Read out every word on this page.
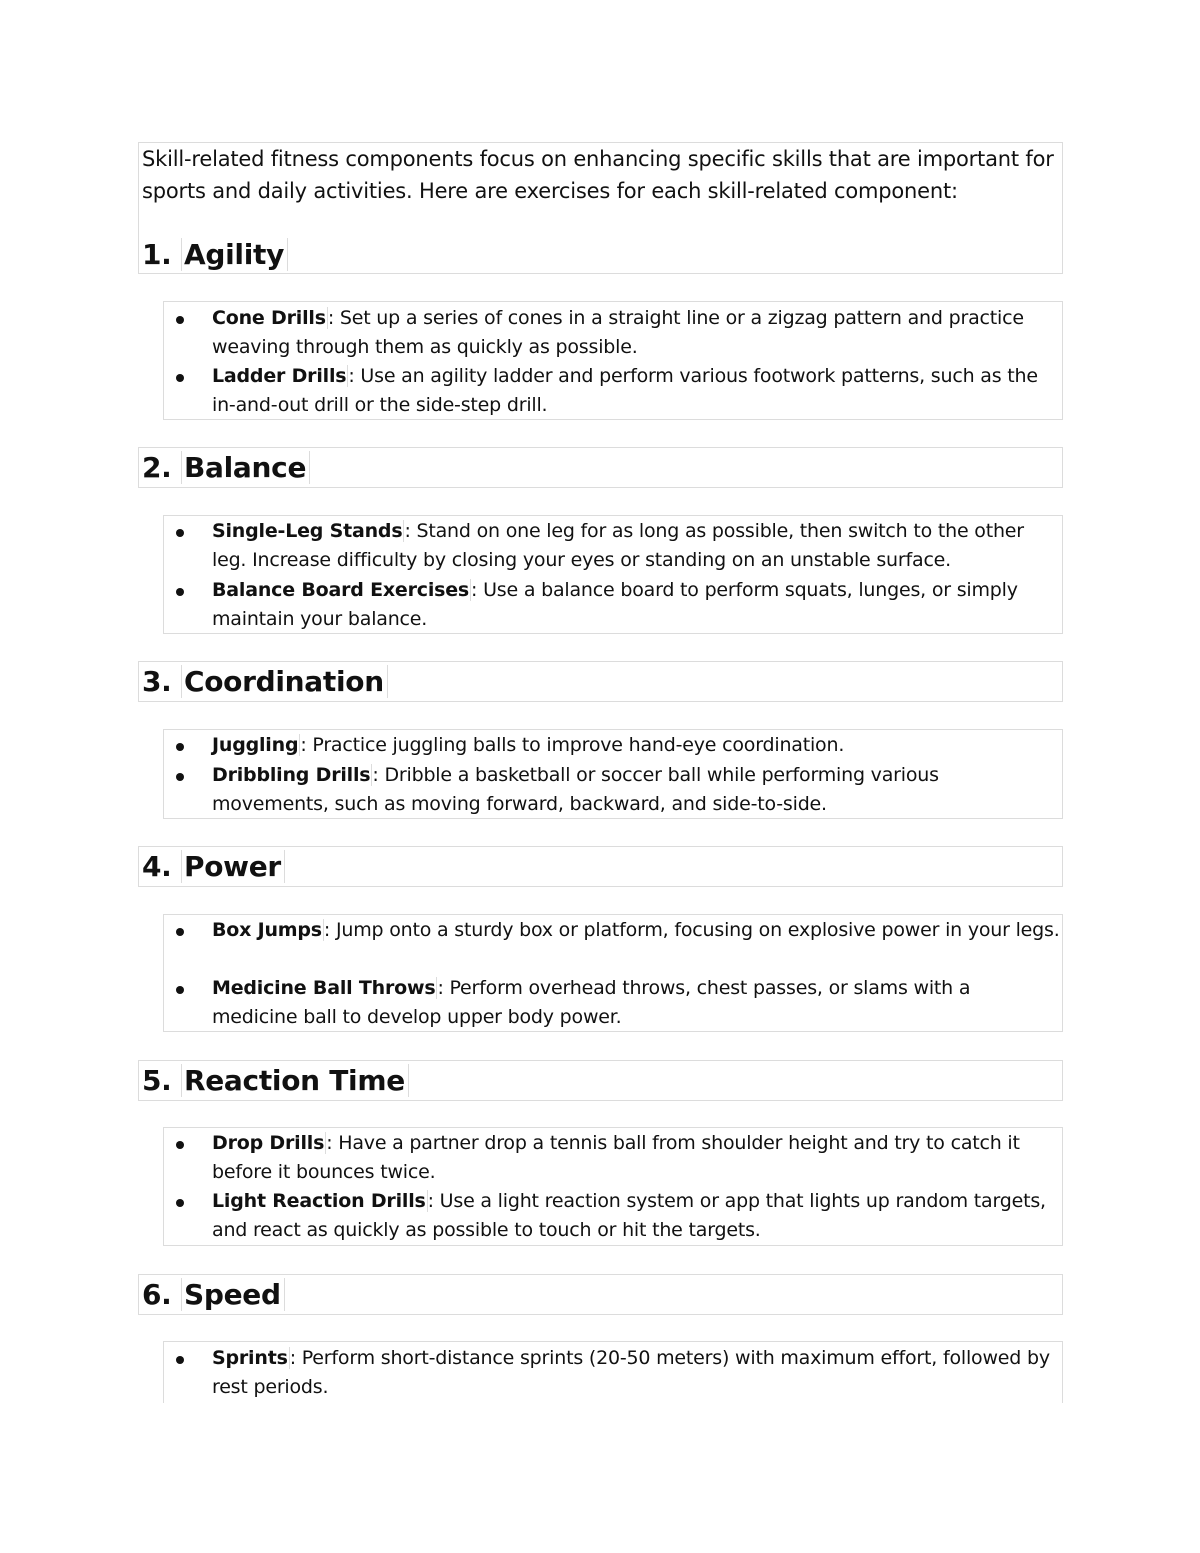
Skill-related fitness components focus on enhancing specific skills that are important for sports and daily activities. Here are exercises for each skill-related component:
1. Agility
Cone Drills : Set up a series of cones in a straight line or a zigzag pattern and practice weaving through them as quickly as possible.
Ladder Drills : Use an agility ladder and perform various footwork patterns, such as the in-and-out drill or the side-step drill.
2. Balance
Single-Leg Stands : Stand on one leg for as long as possible, then switch to the other leg. Increase difficulty by closing your eyes or standing on an unstable surface.
Balance Board Exercises : Use a balance board to perform squats, lunges, or simply maintain your balance.
3. Coordination
Juggling : Practice juggling balls to improve hand-eye coordination.
Dribbling Drills : Dribble a basketball or soccer ball while performing various movements, such as moving forward, backward, and side-to-side.
4. Power
Box Jumps : Jump onto a sturdy box or platform, focusing on explosive power in your legs.
Medicine Ball Throws : Perform overhead throws, chest passes, or slams with a medicine ball to develop upper body power.
5. Reaction Time
Drop Drills : Have a partner drop a tennis ball from shoulder height and try to catch it before it bounces twice.
Light Reaction Drills : Use a light reaction system or app that lights up random targets, and react as quickly as possible to touch or hit the targets.
6. Speed
Sprints : Perform short-distance sprints (20-50 meters) with maximum effort, followed by rest periods.
